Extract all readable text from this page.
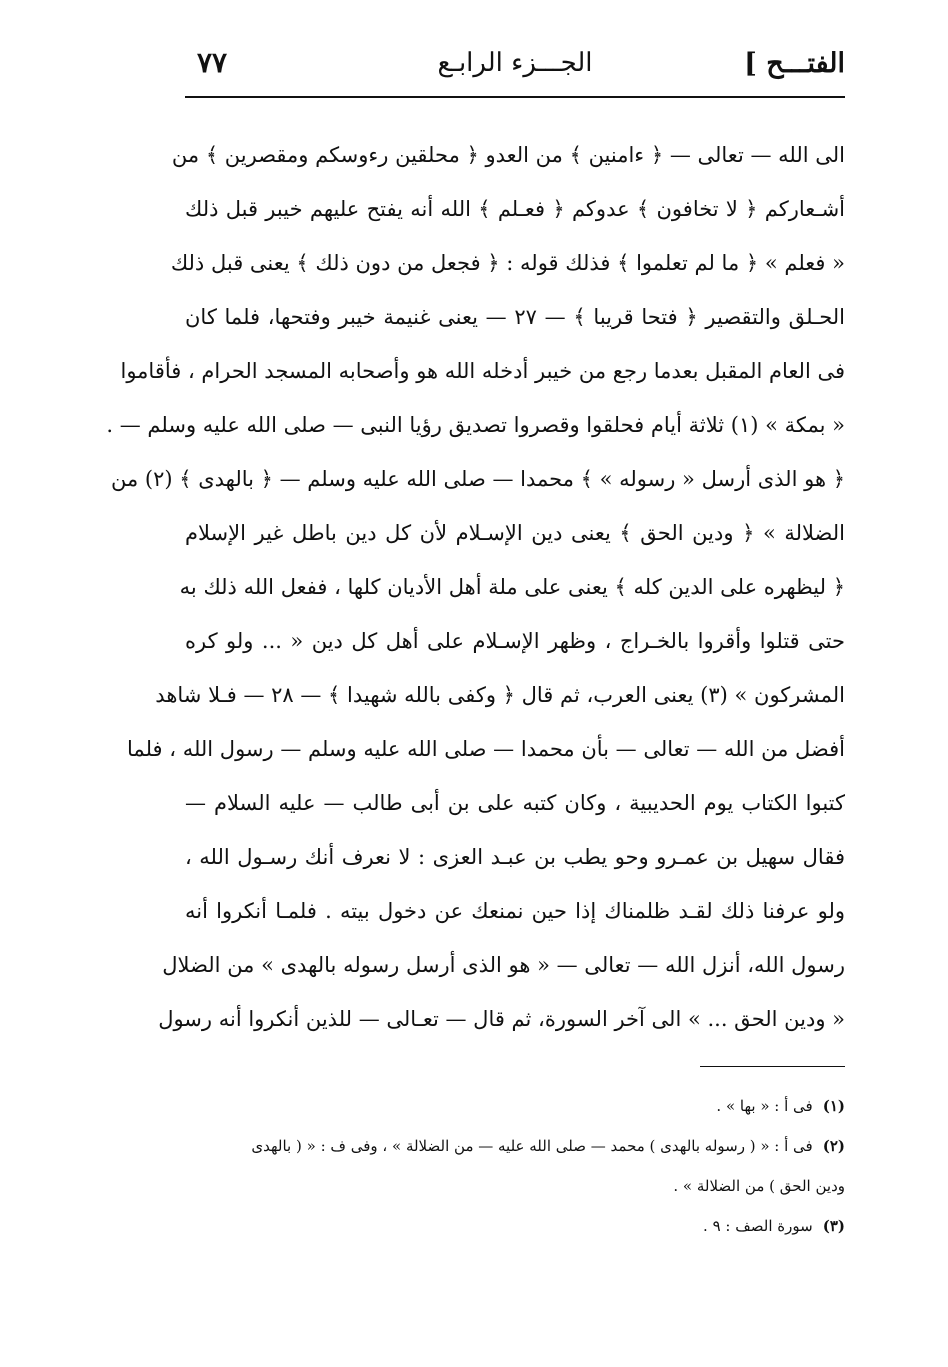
الفتـــح ]
الجـــزء الرابـع
٧٧
الى الله — تعالى — ﴿ ءامنين ﴾ من العدو ﴿ محلقين رءوسكم ومقصرين ﴾ من
أشـعاركم ﴿ لا تخافون ﴾ عدوكم ﴿ فعـلم ﴾ الله أنه يفتح عليهم خيبر قبل ذلك
« فعلم » ﴿ ما لم تعلموا ﴾ فذلك قوله : ﴿ فجعل من دون ذلك ﴾ يعنى قبل ذلك
الحـلق والتقصير ﴿ فتحا قريبا ﴾ — ٢٧ — يعنى غنيمة خيبر وفتحها، فلما كان
فى العام المقبل بعدما رجع من خيبر أدخله الله هو وأصحابه المسجد الحرام ، فأقاموا
« بمكة » (١) ثلاثة أيام فحلقوا وقصروا تصديق رؤيا النبى — صلى الله عليه وسلم — .
﴿ هو الذى أرسل « رسوله » ﴾ محمدا — صلى الله عليه وسلم — ﴿ بالهدى ﴾ (٢) من
الضلالة » ﴿ ودين الحق ﴾ يعنى دين الإسـلام لأن كل دين باطل غير الإسلام
﴿ ليظهره على الدين كله ﴾ يعنى على ملة أهل الأديان كلها ، ففعل الله ذلك به
حتى قتلوا وأقروا بالخـراج ، وظهر الإسـلام على أهل كل دين « ... ولو كره
المشركون » (٣) يعنى العرب، ثم قال ﴿ وكفى بالله شهيدا ﴾ — ٢٨ — فـلا شاهد
أفضل من الله — تعالى — بأن محمدا — صلى الله عليه وسلم — رسول الله ، فلما
كتبوا الكتاب يوم الحديبية ، وكان كتبه على بن أبى طالب — عليه السلام —
فقال سهيل بن عمـرو وحو يطب بن عبـد العزى : لا نعرف أنك رسـول الله ،
ولو عرفنا ذلك لقـد ظلمناك إذا حين نمنعك عن دخول بيته . فلمـا أنكروا أنه
رسول الله، أنزل الله — تعالى — « هو الذى أرسل رسوله بالهدى » من الضلال
« ودين الحق ... » الى آخر السورة، ثم قال — تعـالى — للذين أنكروا أنه رسول
(١)فى أ : « بها » .
(٢)فى أ : « ( رسوله بالهدى ) محمد — صلى الله عليه — من الضلالة » ، وفى ف : « ( بالهدى
ودين الحق ) من الضلالة » .
(٣)سورة الصف : ٩ .
